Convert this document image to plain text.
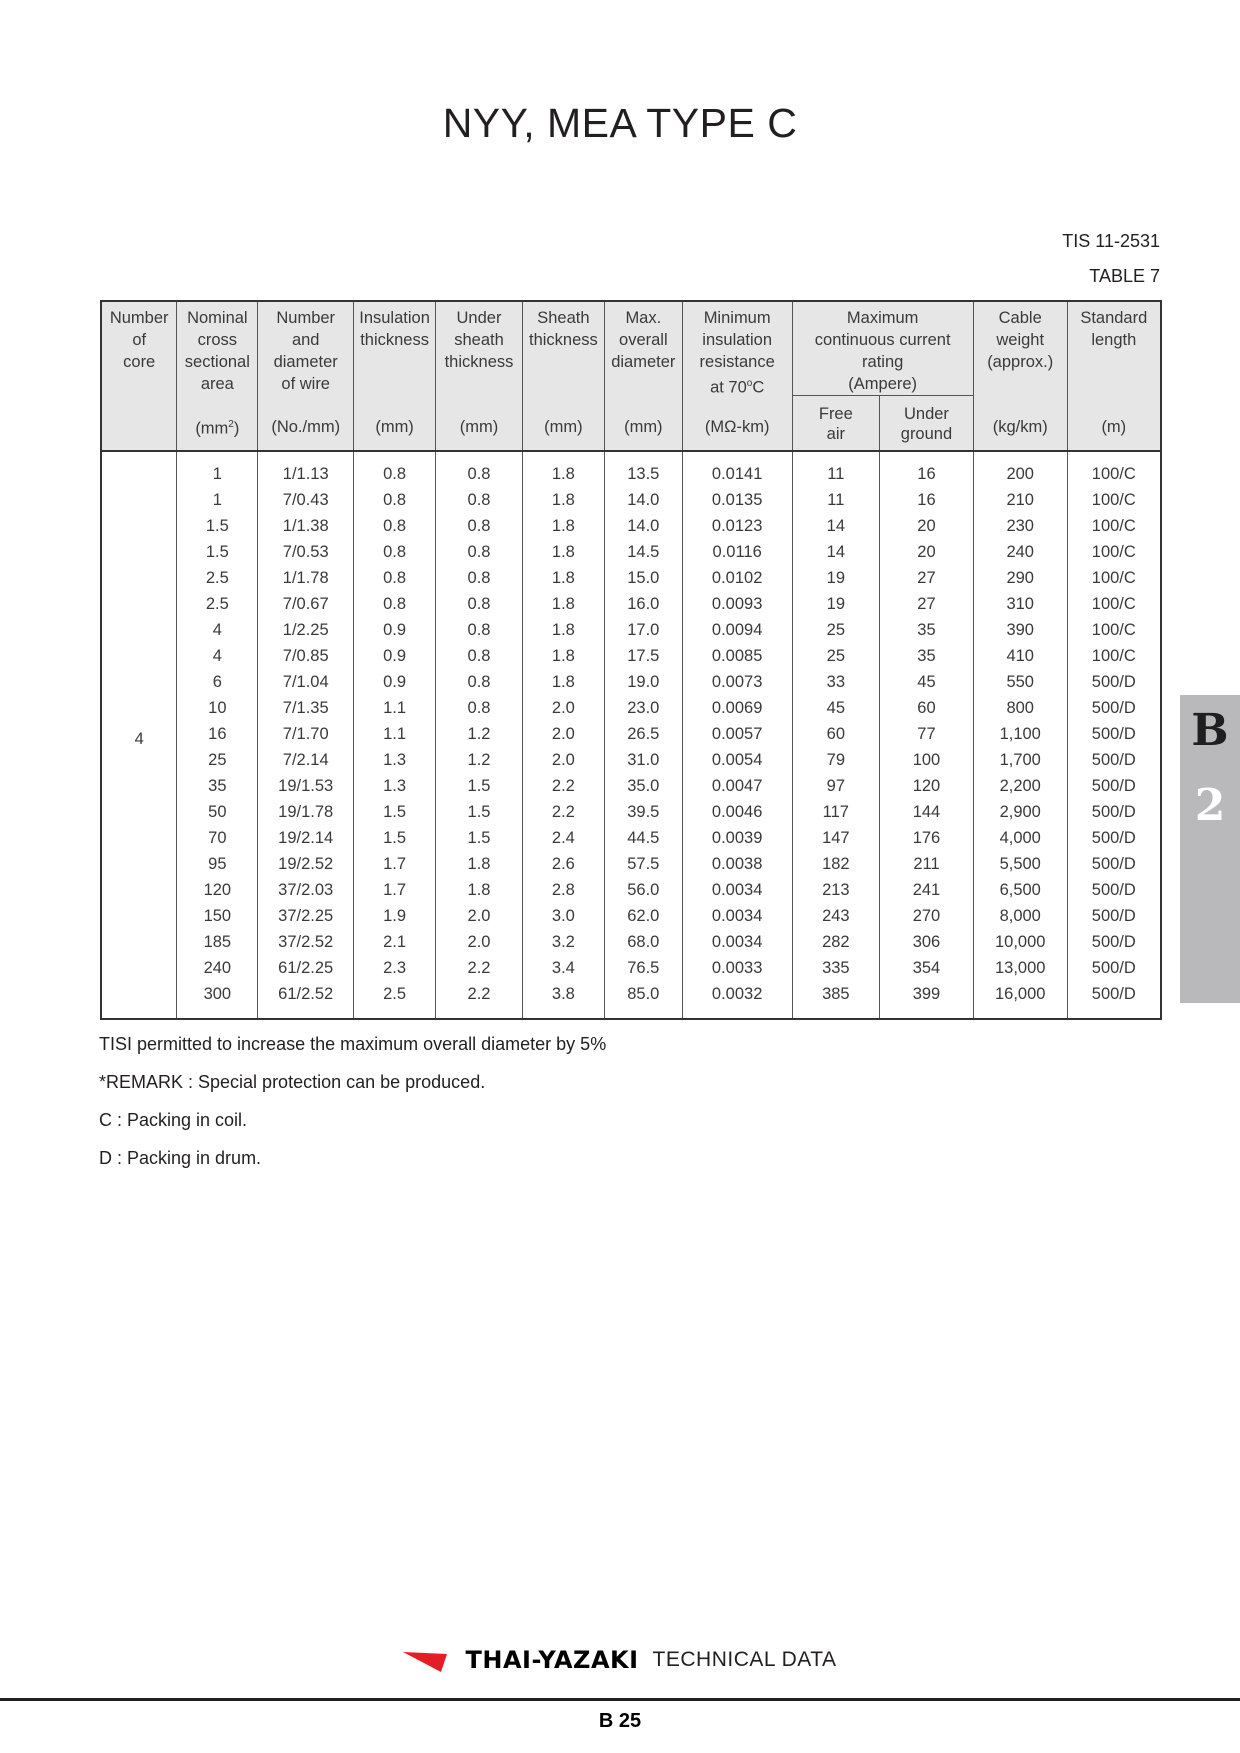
NYY, MEA TYPE C
TIS 11-2531
TABLE 7
Number
of
core	Nominal
cross
sectional
area	Number
and
diameter
of wire	Insulation
thickness	Under
sheath
thickness	Sheath
thickness	Max.
overall
diameter	Minimum
insulation
resistance
at 70$^o$C	Maximum
continuous current
rating
(Ampere)		Cable
weight
(approx.)	Standard
length
								Free
air	Under
ground		
	$(mm^2)$	(No./mm)	(mm)	(mm)	(mm)	(mm)	(MΩ-km)			(kg/km)	(m)
4	1	1/1.13	0.8	0.8	1.8	13.5	0.0141	11	16	200	100/C
	1	7/0.43	0.8	0.8	1.8	14.0	0.0135	11	16	210	100/C
	1.5	1/1.38	0.8	0.8	1.8	14.0	0.0123	14	20	230	100/C
	1.5	7/0.53	0.8	0.8	1.8	14.5	0.0116	14	20	240	100/C
	2.5	1/1.78	0.8	0.8	1.8	15.0	0.0102	19	27	290	100/C
	2.5	7/0.67	0.8	0.8	1.8	16.0	0.0093	19	27	310	100/C
	4	1/2.25	0.9	0.8	1.8	17.0	0.0094	25	35	390	100/C
	4	7/0.85	0.9	0.8	1.8	17.5	0.0085	25	35	410	100/C
	6	7/1.04	0.9	0.8	1.8	19.0	0.0073	33	45	550	500/D
	10	7/1.35	1.1	0.8	2.0	23.0	0.0069	45	60	800	500/D
	16	7/1.70	1.1	1.2	2.0	26.5	0.0057	60	77	1,100	500/D
	25	7/2.14	1.3	1.2	2.0	31.0	0.0054	79	100	1,700	500/D
	35	19/1.53	1.3	1.5	2.2	35.0	0.0047	97	120	2,200	500/D
	50	19/1.78	1.5	1.5	2.2	39.5	0.0046	117	144	2,900	500/D
	70	19/2.14	1.5	1.5	2.4	44.5	0.0039	147	176	4,000	500/D
	95	19/2.52	1.7	1.8	2.6	57.5	0.0038	182	211	5,500	500/D
	120	37/2.03	1.7	1.8	2.8	56.0	0.0034	213	241	6,500	500/D
	150	37/2.25	1.9	2.0	3.0	62.0	0.0034	243	270	8,000	500/D
	185	37/2.52	2.1	2.0	3.2	68.0	0.0034	282	306	10,000	500/D
	240	61/2.25	2.3	2.2	3.4	76.5	0.0033	335	354	13,000	500/D
	300	61/2.52	2.5	2.2	3.8	85.0	0.0032	385	399	16,000	500/D
TISI permitted to increase the maximum overall diameter by 5%
*REMARK : Special protection can be produced.
C : Packing in coil.
D : Packing in drum.
B
2
THAI-YAZAKI TECHNICAL DATA
B 25
